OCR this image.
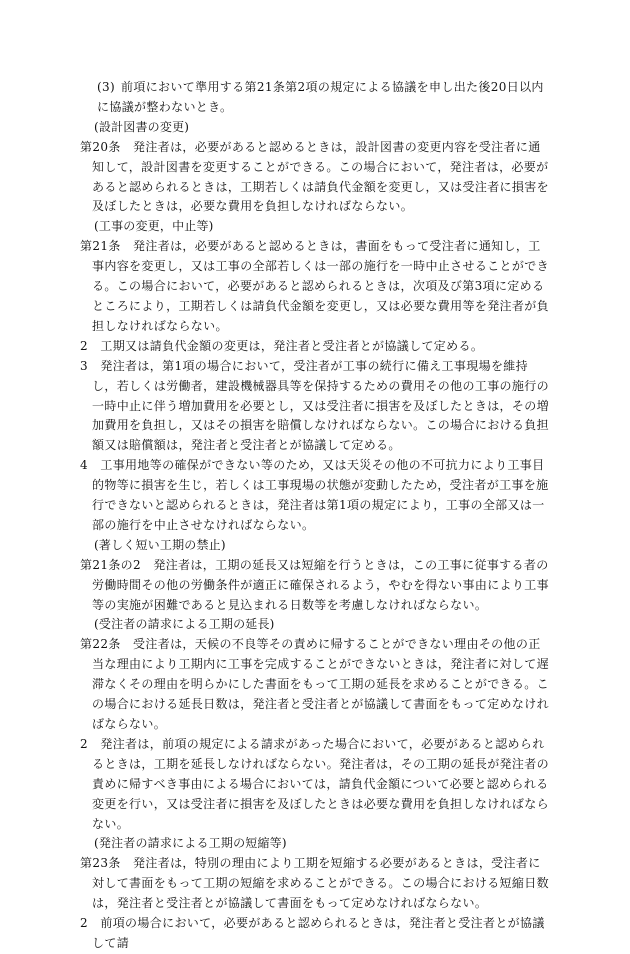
(3) 前項において準用する第21条第2項の規定による協議を申し出た後20日以内に協議が整わないとき。
(設計図書の変更)
第20条　 発注者は，必要があると認めるときは，設計図書の変更内容を受注者に通知して，設計図書を変更することができる。この場合において，発注者は，必要があると認められるときは，工期若しくは請負代金額を変更し，又は受注者に損害を及ぼしたときは，必要な費用を負担しなければならない。
(工事の変更，中止等)
第21条　 発注者は，必要があると認めるときは，書面をもって受注者に通知し，工事内容を変更し，又は工事の全部若しくは一部の施行を一時中止させることができる。この場合において，必要があると認められるときは，次項及び第3項に定めるところにより，工期若しくは請負代金額を変更し，又は必要な費用等を発注者が負担しなければならない。
2　 工期又は請負代金額の変更は，発注者と受注者とが協議して定める。
3　 発注者は，第1項の場合において，受注者が工事の続行に備え工事現場を維持し，若しくは労働者，建設機械器具等を保持するための費用その他の工事の施行の一時中止に伴う増加費用を必要とし，又は受注者に損害を及ぼしたときは，その増加費用を負担し，又はその損害を賠償しなければならない。この場合における負担額又は賠償額は，発注者と受注者とが協議して定める。
4　 工事用地等の確保ができない等のため，又は天災その他の不可抗力により工事目的物等に損害を生じ，若しくは工事現場の状態が変動したため，受注者が工事を施行できないと認められるときは，発注者は第1項の規定により，工事の全部又は一部の施行を中止させなければならない。
(著しく短い工期の禁止)
第21条の2　 発注者は，工期の延長又は短縮を行うときは，この工事に従事する者の労働時間その他の労働条件が適正に確保されるよう，やむを得ない事由により工事等の実施が困難であると見込まれる日数等を考慮しなければならない。
(受注者の請求による工期の延長)
第22条　 受注者は，天候の不良等その責めに帰することができない理由その他の正当な理由により工期内に工事を完成することができないときは，発注者に対して遅滞なくその理由を明らかにした書面をもって工期の延長を求めることができる。この場合における延長日数は，発注者と受注者とが協議して書面をもって定めなければならない。
2　 発注者は，前項の規定による請求があった場合において，必要があると認められるときは，工期を延長しなければならない。発注者は，その工期の延長が発注者の責めに帰すべき事由による場合においては，請負代金額について必要と認められる変更を行い，又は受注者に損害を及ぼしたときは必要な費用を負担しなければならない。
(発注者の請求による工期の短縮等)
第23条　 発注者は，特別の理由により工期を短縮する必要があるときは，受注者に対して書面をもって工期の短縮を求めることができる。この場合における短縮日数は，発注者と受注者とが協議して書面をもって定めなければならない。
2　 前項の場合において，必要があると認められるときは，発注者と受注者とが協議して請
